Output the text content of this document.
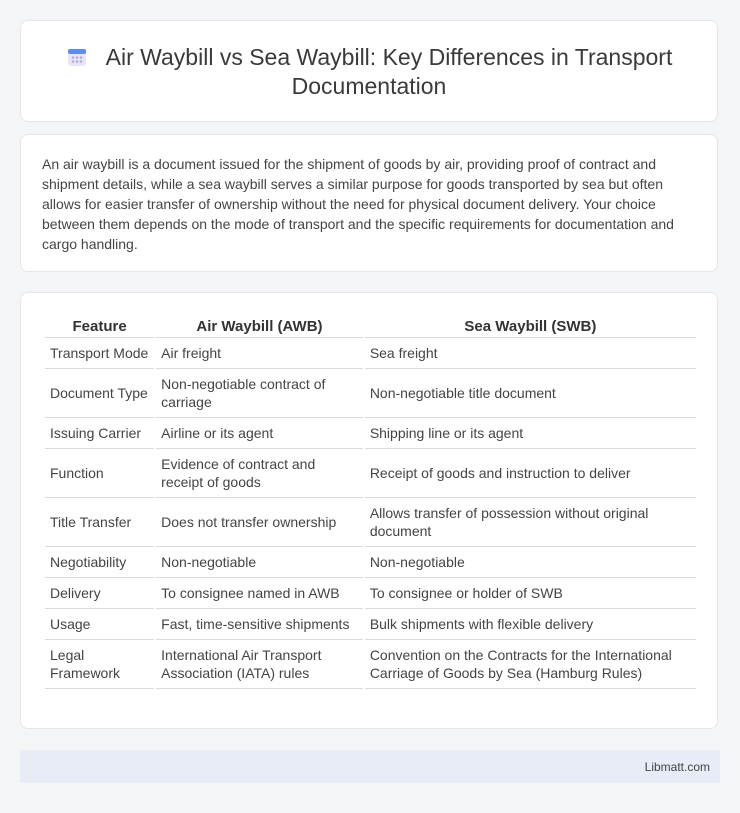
Air Waybill vs Sea Waybill: Key Differences in Transport Documentation
An air waybill is a document issued for the shipment of goods by air, providing proof of contract and shipment details, while a sea waybill serves a similar purpose for goods transported by sea but often allows for easier transfer of ownership without the need for physical document delivery. Your choice between them depends on the mode of transport and the specific requirements for documentation and cargo handling.
Feature	Air Waybill (AWB)	Sea Waybill (SWB)
Transport Mode	Air freight	Sea freight
Document Type	Non-negotiable contract of carriage	Non-negotiable title document
Issuing Carrier	Airline or its agent	Shipping line or its agent
Function	Evidence of contract and receipt of goods	Receipt of goods and instruction to deliver
Title Transfer	Does not transfer ownership	Allows transfer of possession without original document
Negotiability	Non-negotiable	Non-negotiable
Delivery	To consignee named in AWB	To consignee or holder of SWB
Usage	Fast, time-sensitive shipments	Bulk shipments with flexible delivery
Legal Framework	International Air Transport Association (IATA) rules	Convention on the Contracts for the International Carriage of Goods by Sea (Hamburg Rules)
Libmatt.com
